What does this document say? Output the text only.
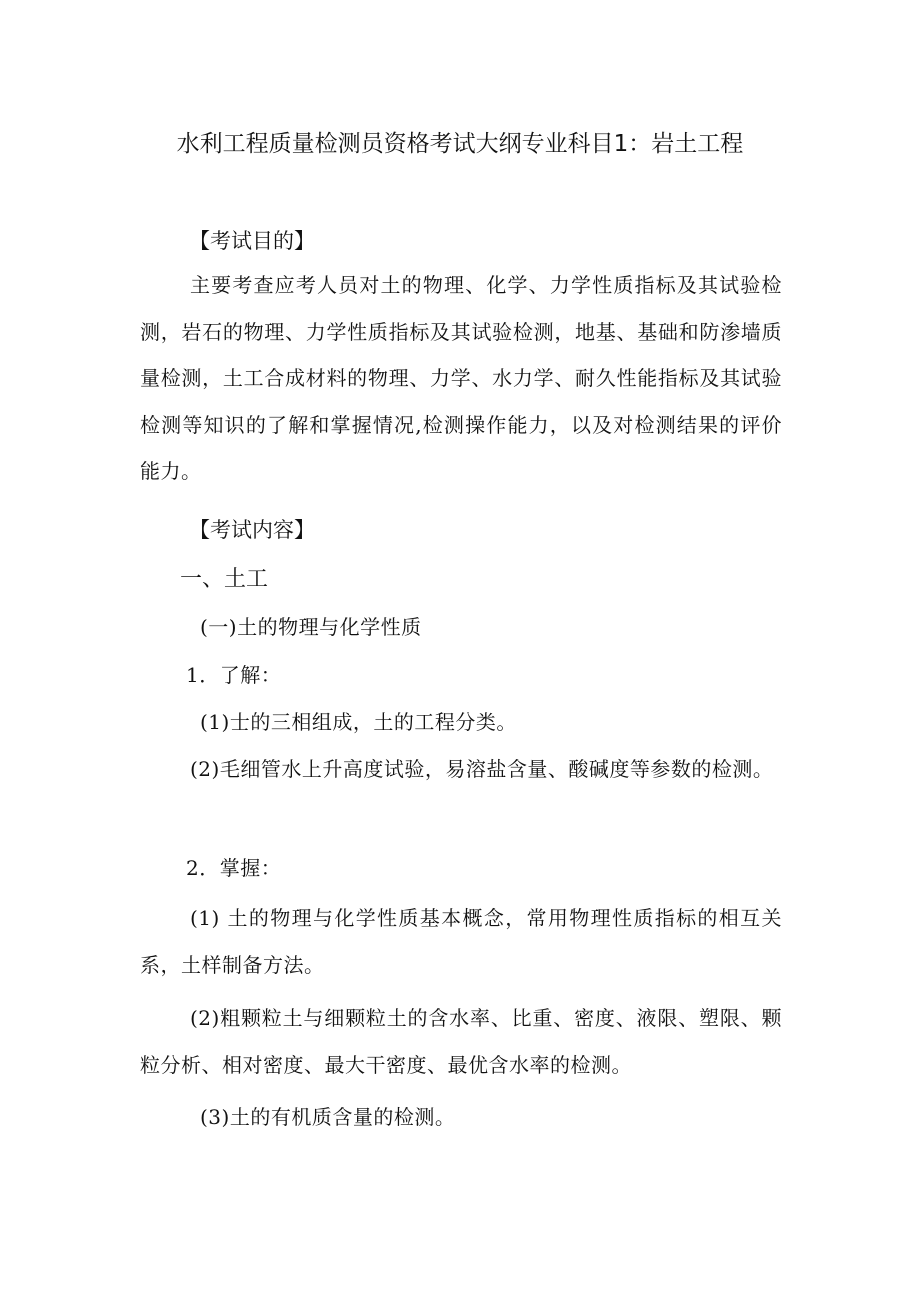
水利工程质量检测员资格考试大纲专业科目1：岩土工程
【考试目的】
主要考查应考人员对土的物理、化学、力学性质指标及其试验检测，岩石的物理、力学性质指标及其试验检测，地基、基础和防渗墙质量检测，土工合成材料的物理、力学、水力学、耐久性能指标及其试验检测等知识的了解和掌握情况,检测操作能力，以及对检测结果的评价能力。
【考试内容】
一、土工
(一)土的物理与化学性质
1．了解：
(1)士的三相组成，土的工程分类。
(2)毛细管水上升高度试验，易溶盐含量、酸碱度等参数的检测。
2．掌握：
(1) 土的物理与化学性质基本概念，常用物理性质指标的相互关系，土样制备方法。
(2)粗颗粒土与细颗粒土的含水率、比重、密度、液限、塑限、颗粒分析、相对密度、最大干密度、最优含水率的检测。
(3)土的有机质含量的检测。
